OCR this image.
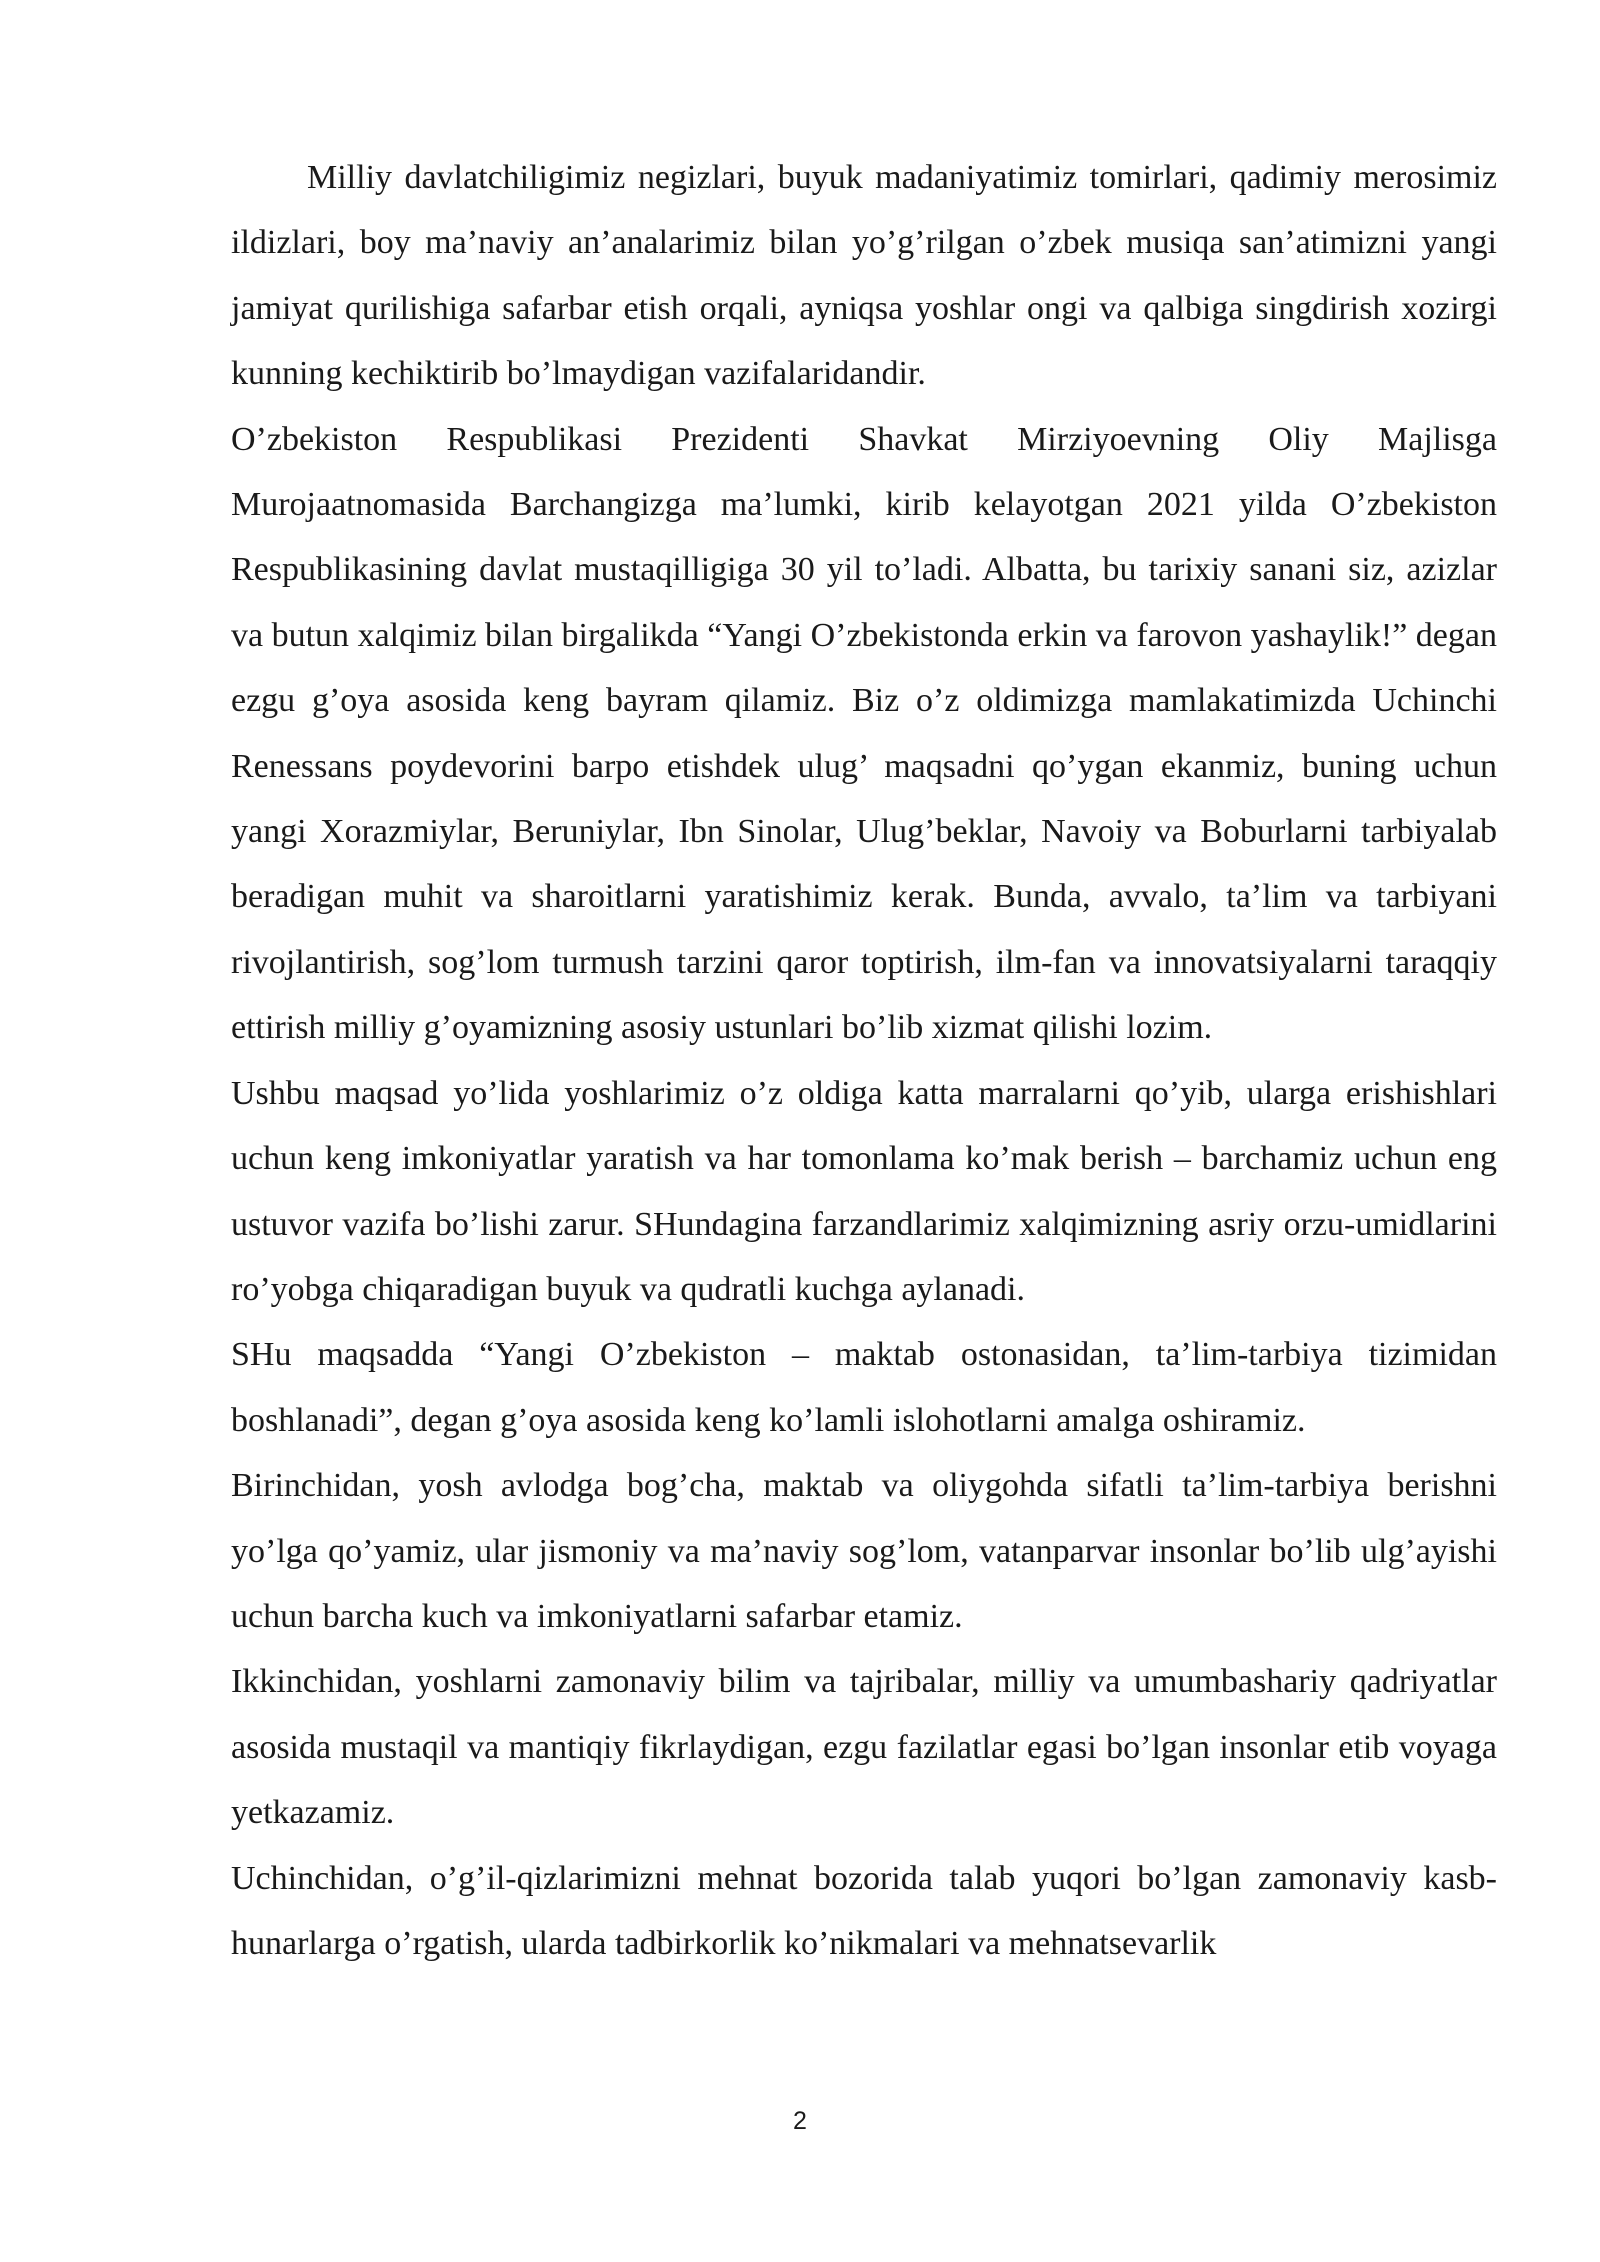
Milliy davlatchiligimiz negizlari, buyuk madaniyatimiz tomirlari, qadimiy merosimiz ildizlari, boy ma’naviy an’analarimiz bilan yo’g’rilgan o’zbek musiqa san’atimizni yangi jamiyat qurilishiga safarbar etish orqali, ayniqsa yoshlar ongi va qalbiga singdirish xozirgi kunning kechiktirib bo’lmaydigan vazifalaridandir.

O’zbekiston Respublikasi Prezidenti Shavkat Mirziyoevning Oliy Majlisga Murojaatnomasida Barchangizga ma’lumki, kirib kelayotgan 2021 yilda O’zbekiston Respublikasining davlat mustaqilligiga 30 yil to’ladi. Albatta, bu tarixiy sanani siz, azizlar va butun xalqimiz bilan birgalikda “Yangi O’zbekistonda erkin va farovon yashaylik!” degan ezgu g’oya asosida keng bayram qilamiz. Biz o’z oldimizga mamlakatimizda Uchinchi Renessans poydevorini barpo etishdek ulug’ maqsadni qo’ygan ekanmiz, buning uchun yangi Xorazmiylar, Beruniylar, Ibn Sinolar, Ulug’beklar, Navoiy va Boburlarni tarbiyalab beradigan muhit va sharoitlarni yaratishimiz kerak. Bunda, avvalo, ta’lim va tarbiyani rivojlantirish, sog’lom turmush tarzini qaror toptirish, ilm-fan va innovatsiyalarni taraqqiy ettirish milliy g’oyamizning asosiy ustunlari bo’lib xizmat qilishi lozim.

Ushbu maqsad yo’lida yoshlarimiz o’z oldiga katta marralarni qo’yib, ularga erishishlari uchun keng imkoniyatlar yaratish va har tomonlama ko’mak berish – barchamiz uchun eng ustuvor vazifa bo’lishi zarur. SHundagina farzandlarimiz xalqimizning asriy orzu-umidlarini ro’yobga chiqaradigan buyuk va qudratli kuchga aylanadi.

SHu maqsadda “Yangi O’zbekiston – maktab ostonasidan, ta’lim-tarbiya tizimidan boshlanadi”, degan g’oya asosida keng ko’lamli islohotlarni amalga oshiramiz.

Birinchidan, yosh avlodga bog’cha, maktab va oliygohda sifatli ta’lim-tarbiya berishni yo’lga qo’yamiz, ular jismoniy va ma’naviy sog’lom, vatanparvar insonlar bo’lib ulg’ayishi uchun barcha kuch va imkoniyatlarni safarbar etamiz.

Ikkinchidan, yoshlarni zamonaviy bilim va tajribalar, milliy va umumbashariy qadriyatlar asosida mustaqil va mantiqiy fikrlaydigan, ezgu fazilatlar egasi bo’lgan insonlar etib voyaga yetkazamiz.

Uchinchidan, o’g’il-qizlarimizni mehnat bozorida talab yuqori bo’lgan zamonaviy kasb-hunarlarga o’rgatish, ularda tadbirkorlik ko’nikmalari va mehnatsevarlik

2
